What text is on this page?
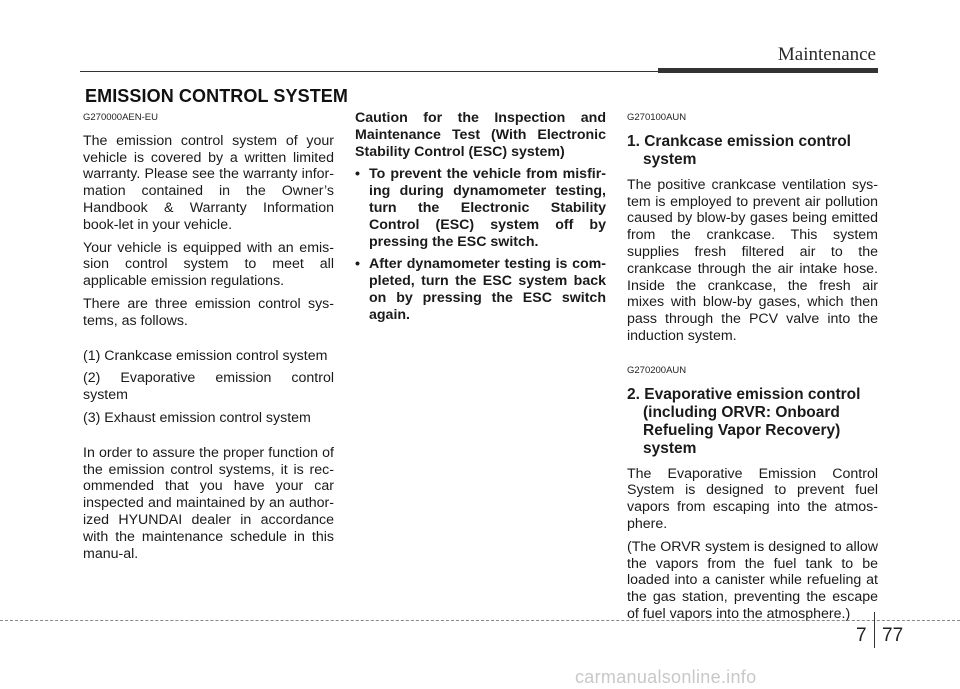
Maintenance
EMISSION CONTROL SYSTEM

G270000AEN-EU

The emission control system of your vehicle is covered by a written limited warranty. Please see the warranty infor-mation contained in the Owner’s Handbook & Warranty Information book-let in your vehicle.

Your vehicle is equipped with an emis-sion control system to meet all applicable emission regulations.

There are three emission control sys-tems, as follows.

(1) Crankcase emission control system

(2) Evaporative emission control system

(3) Exhaust emission control system

In order to assure the proper function of the emission control systems, it is rec-ommended that you have your car inspected and maintained by an author-ized HYUNDAI dealer in accordance with the maintenance schedule in this manu-al.

Caution for the Inspection and Maintenance Test (With Electronic Stability Control (ESC) system)

• To prevent the vehicle from misfir-ing during dynamometer testing, turn the Electronic Stability Control (ESC) system off by pressing the ESC switch.
• After dynamometer testing is com-pleted, turn the ESC system back on by pressing the ESC switch again.

G270100AUN

1. Crankcase emission control system

The positive crankcase ventilation sys-tem is employed to prevent air pollution caused by blow-by gases being emitted from the crankcase. This system supplies fresh filtered air to the crankcase through the air intake hose. Inside the crankcase, the fresh air mixes with blow-by gases, which then pass through the PCV valve into the induction system.

G270200AUN

2. Evaporative emission control (including ORVR: Onboard Refueling Vapor Recovery) system

The Evaporative Emission Control System is designed to prevent fuel vapors from escaping into the atmos-phere.

(The ORVR system is designed to allow the vapors from the fuel tank to be loaded into a canister while refueling at the gas station, preventing the escape of fuel vapors into the atmosphere.)

7 77
carmanualsonline.info
